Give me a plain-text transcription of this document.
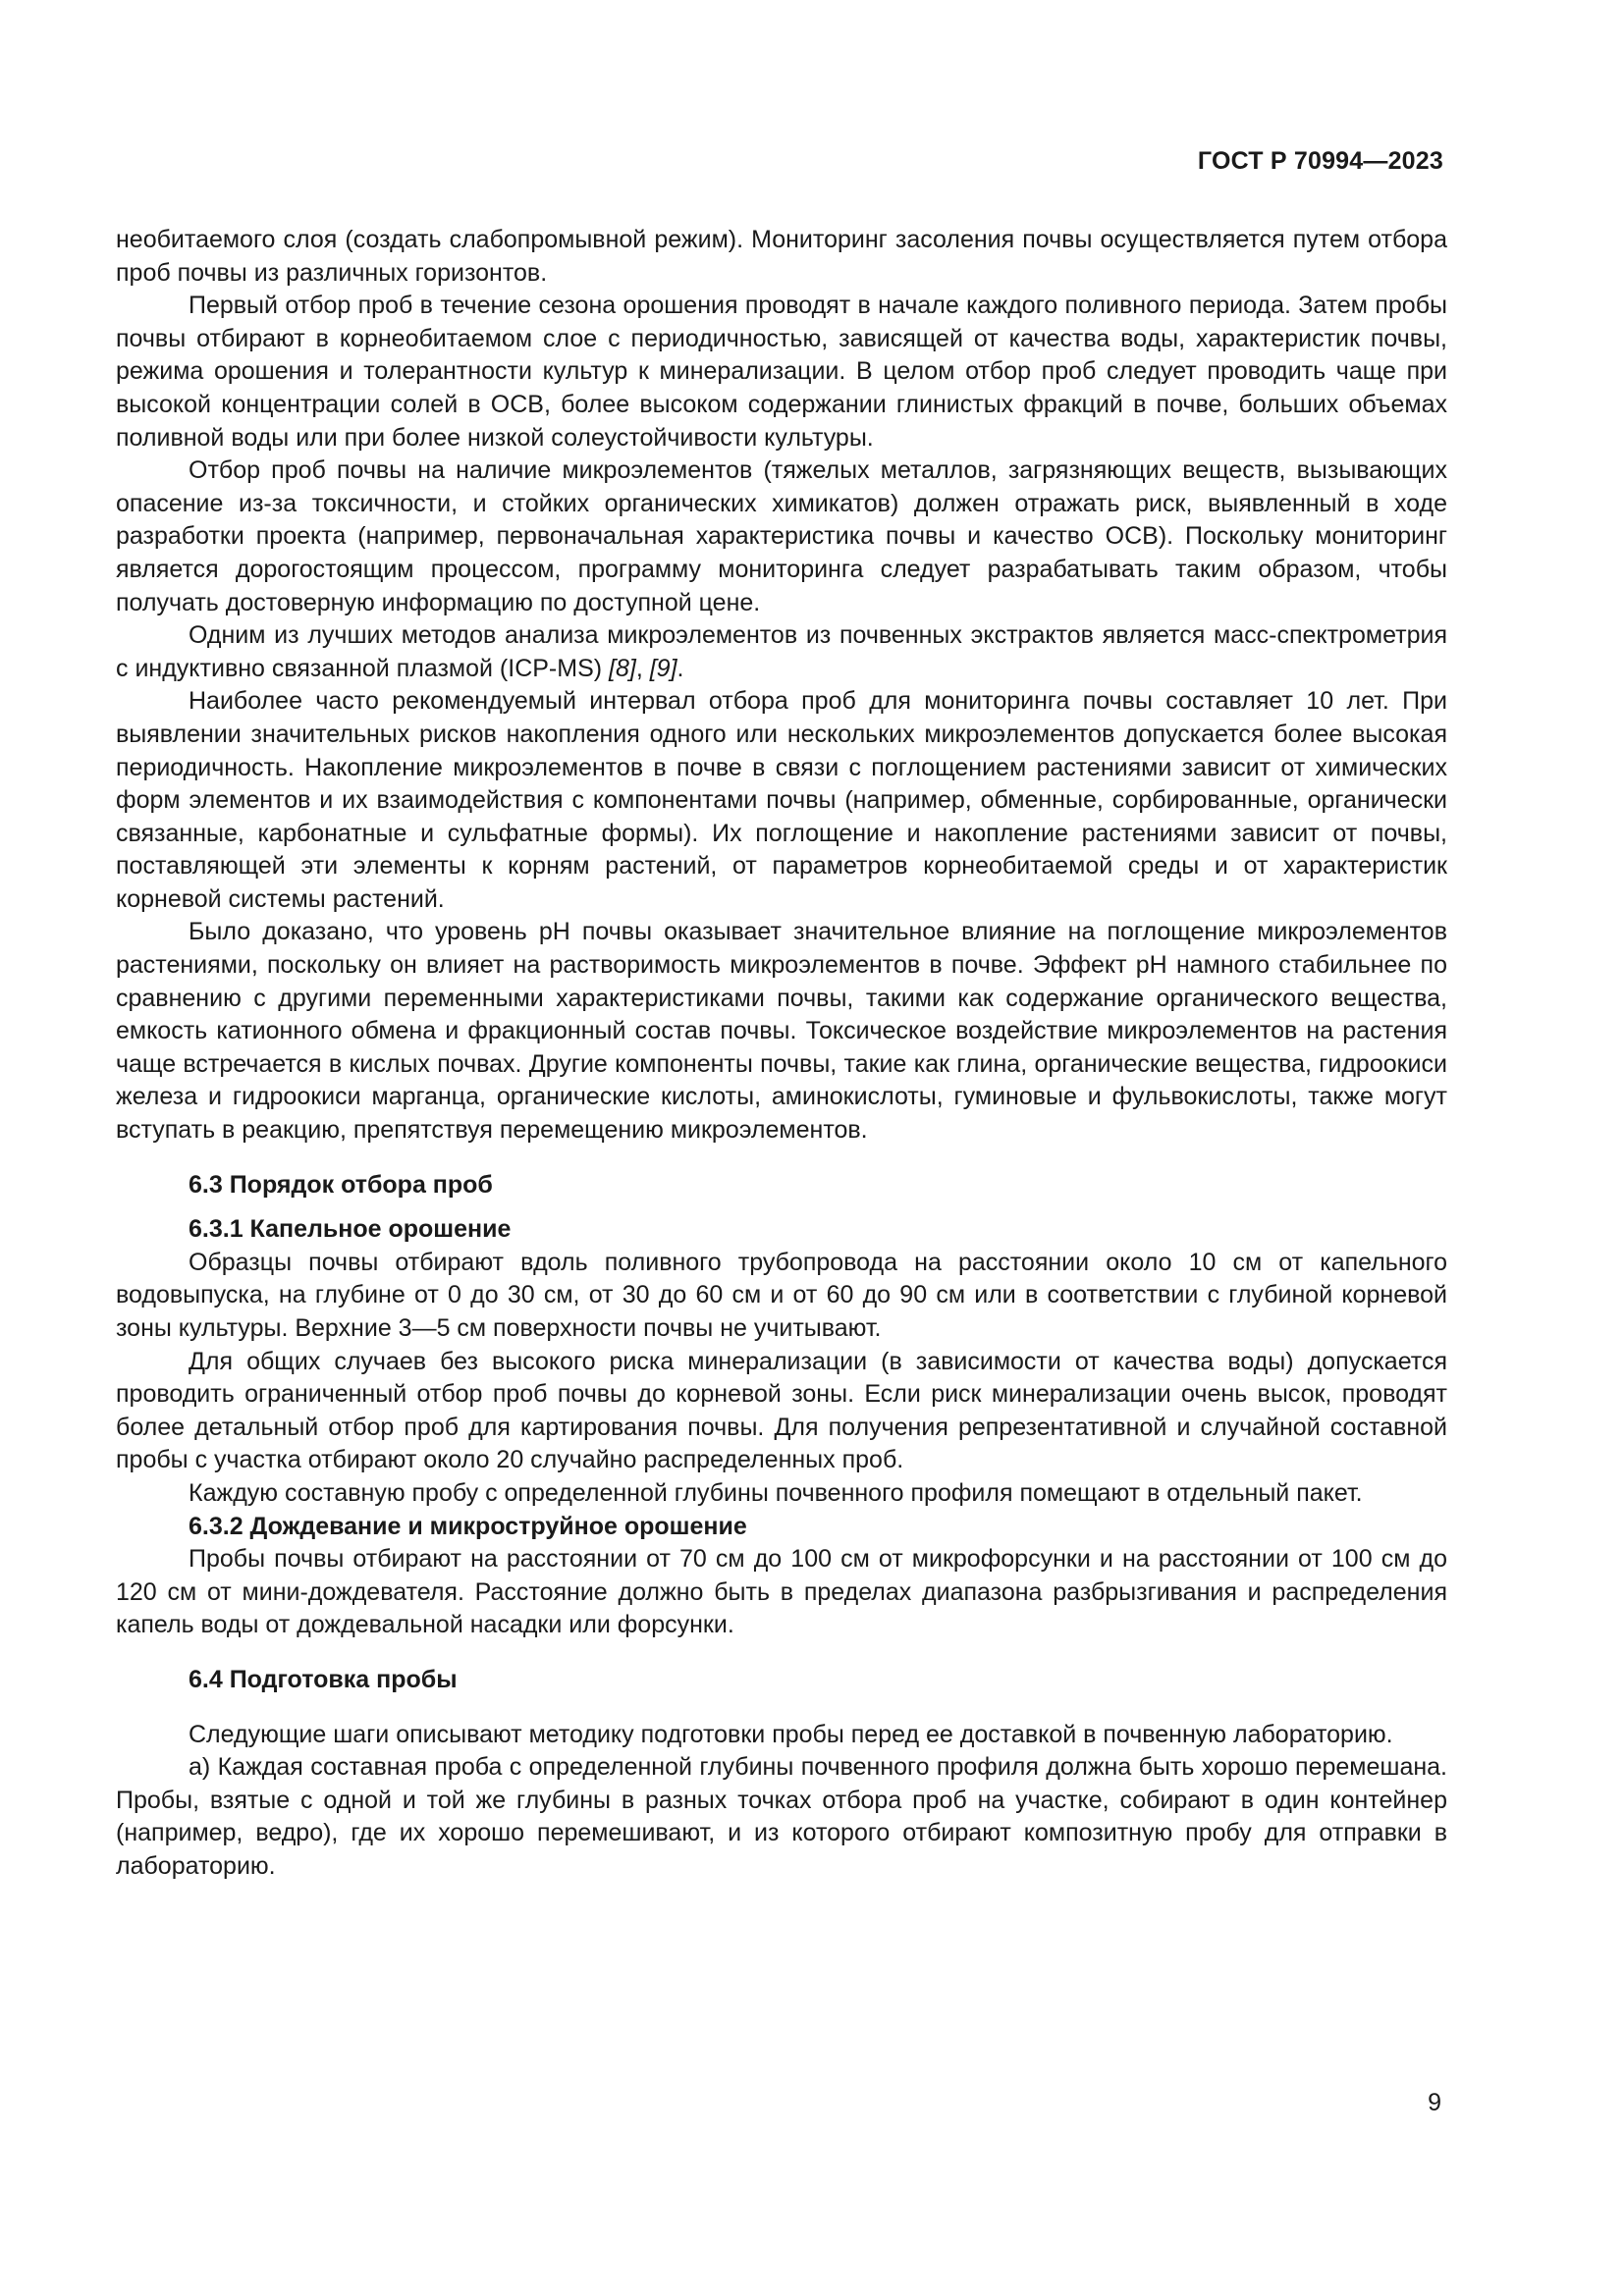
ГОСТ Р 70994—2023

необитаемого слоя (создать слабопромывной режим). Мониторинг засоления почвы осуществляется путем отбора проб почвы из различных горизонтов.

Первый отбор проб в течение сезона орошения проводят в начале каждого поливного периода. Затем пробы почвы отбирают в корнеобитаемом слое с периодичностью, зависящей от качества воды, характеристик почвы, режима орошения и толерантности культур к минерализации. В целом отбор проб следует проводить чаще при высокой концентрации солей в ОСВ, более высоком содержании глинистых фракций в почве, больших объемах поливной воды или при более низкой солеустойчивости культуры.

Отбор проб почвы на наличие микроэлементов (тяжелых металлов, загрязняющих веществ, вызывающих опасение из-за токсичности, и стойких органических химикатов) должен отражать риск, выявленный в ходе разработки проекта (например, первоначальная характеристика почвы и качество ОСВ). Поскольку мониторинг является дорогостоящим процессом, программу мониторинга следует разрабатывать таким образом, чтобы получать достоверную информацию по доступной цене.

Одним из лучших методов анализа микроэлементов из почвенных экстрактов является масс-спектрометрия с индуктивно связанной плазмой (ICP-MS) [8], [9].

Наиболее часто рекомендуемый интервал отбора проб для мониторинга почвы составляет 10 лет. При выявлении значительных рисков накопления одного или нескольких микроэлементов допускается более высокая периодичность. Накопление микроэлементов в почве в связи с поглощением растениями зависит от химических форм элементов и их взаимодействия с компонентами почвы (например, обменные, сорбированные, органически связанные, карбонатные и сульфатные формы). Их поглощение и накопление растениями зависит от почвы, поставляющей эти элементы к корням растений, от параметров корнеобитаемой среды и от характеристик корневой системы растений.

Было доказано, что уровень pH почвы оказывает значительное влияние на поглощение микроэлементов растениями, поскольку он влияет на растворимость микроэлементов в почве. Эффект pH намного стабильнее по сравнению с другими переменными характеристиками почвы, такими как содержание органического вещества, емкость катионного обмена и фракционный состав почвы. Токсическое воздействие микроэлементов на растения чаще встречается в кислых почвах. Другие компоненты почвы, такие как глина, органические вещества, гидроокиси железа и гидроокиси марганца, органические кислоты, аминокислоты, гуминовые и фульвокислоты, также могут вступать в реакцию, препятствуя перемещению микроэлементов.

6.3 Порядок отбора проб
6.3.1 Капельное орошение

Образцы почвы отбирают вдоль поливного трубопровода на расстоянии около 10 см от капельного водовыпуска, на глубине от 0 до 30 см, от 30 до 60 см и от 60 до 90 см или в соответствии с глубиной корневой зоны культуры. Верхние 3—5 см поверхности почвы не учитывают.

Для общих случаев без высокого риска минерализации (в зависимости от качества воды) допускается проводить ограниченный отбор проб почвы до корневой зоны. Если риск минерализации очень высок, проводят более детальный отбор проб для картирования почвы. Для получения репрезентативной и случайной составной пробы с участка отбирают около 20 случайно распределенных проб.

Каждую составную пробу с определенной глубины почвенного профиля помещают в отдельный пакет.

6.3.2 Дождевание и микроструйное орошение

Пробы почвы отбирают на расстоянии от 70 см до 100 см от микрофорсунки и на расстоянии от 100 см до 120 см от мини-дождевателя. Расстояние должно быть в пределах диапазона разбрызгивания и распределения капель воды от дождевальной насадки или форсунки.

6.4 Подготовка пробы

Следующие шаги описывают методику подготовки пробы перед ее доставкой в почвенную лабораторию.

а) Каждая составная проба с определенной глубины почвенного профиля должна быть хорошо перемешана. Пробы, взятые с одной и той же глубины в разных точках отбора проб на участке, собирают в один контейнер (например, ведро), где их хорошо перемешивают, и из которого отбирают композитную пробу для отправки в лабораторию.

9
